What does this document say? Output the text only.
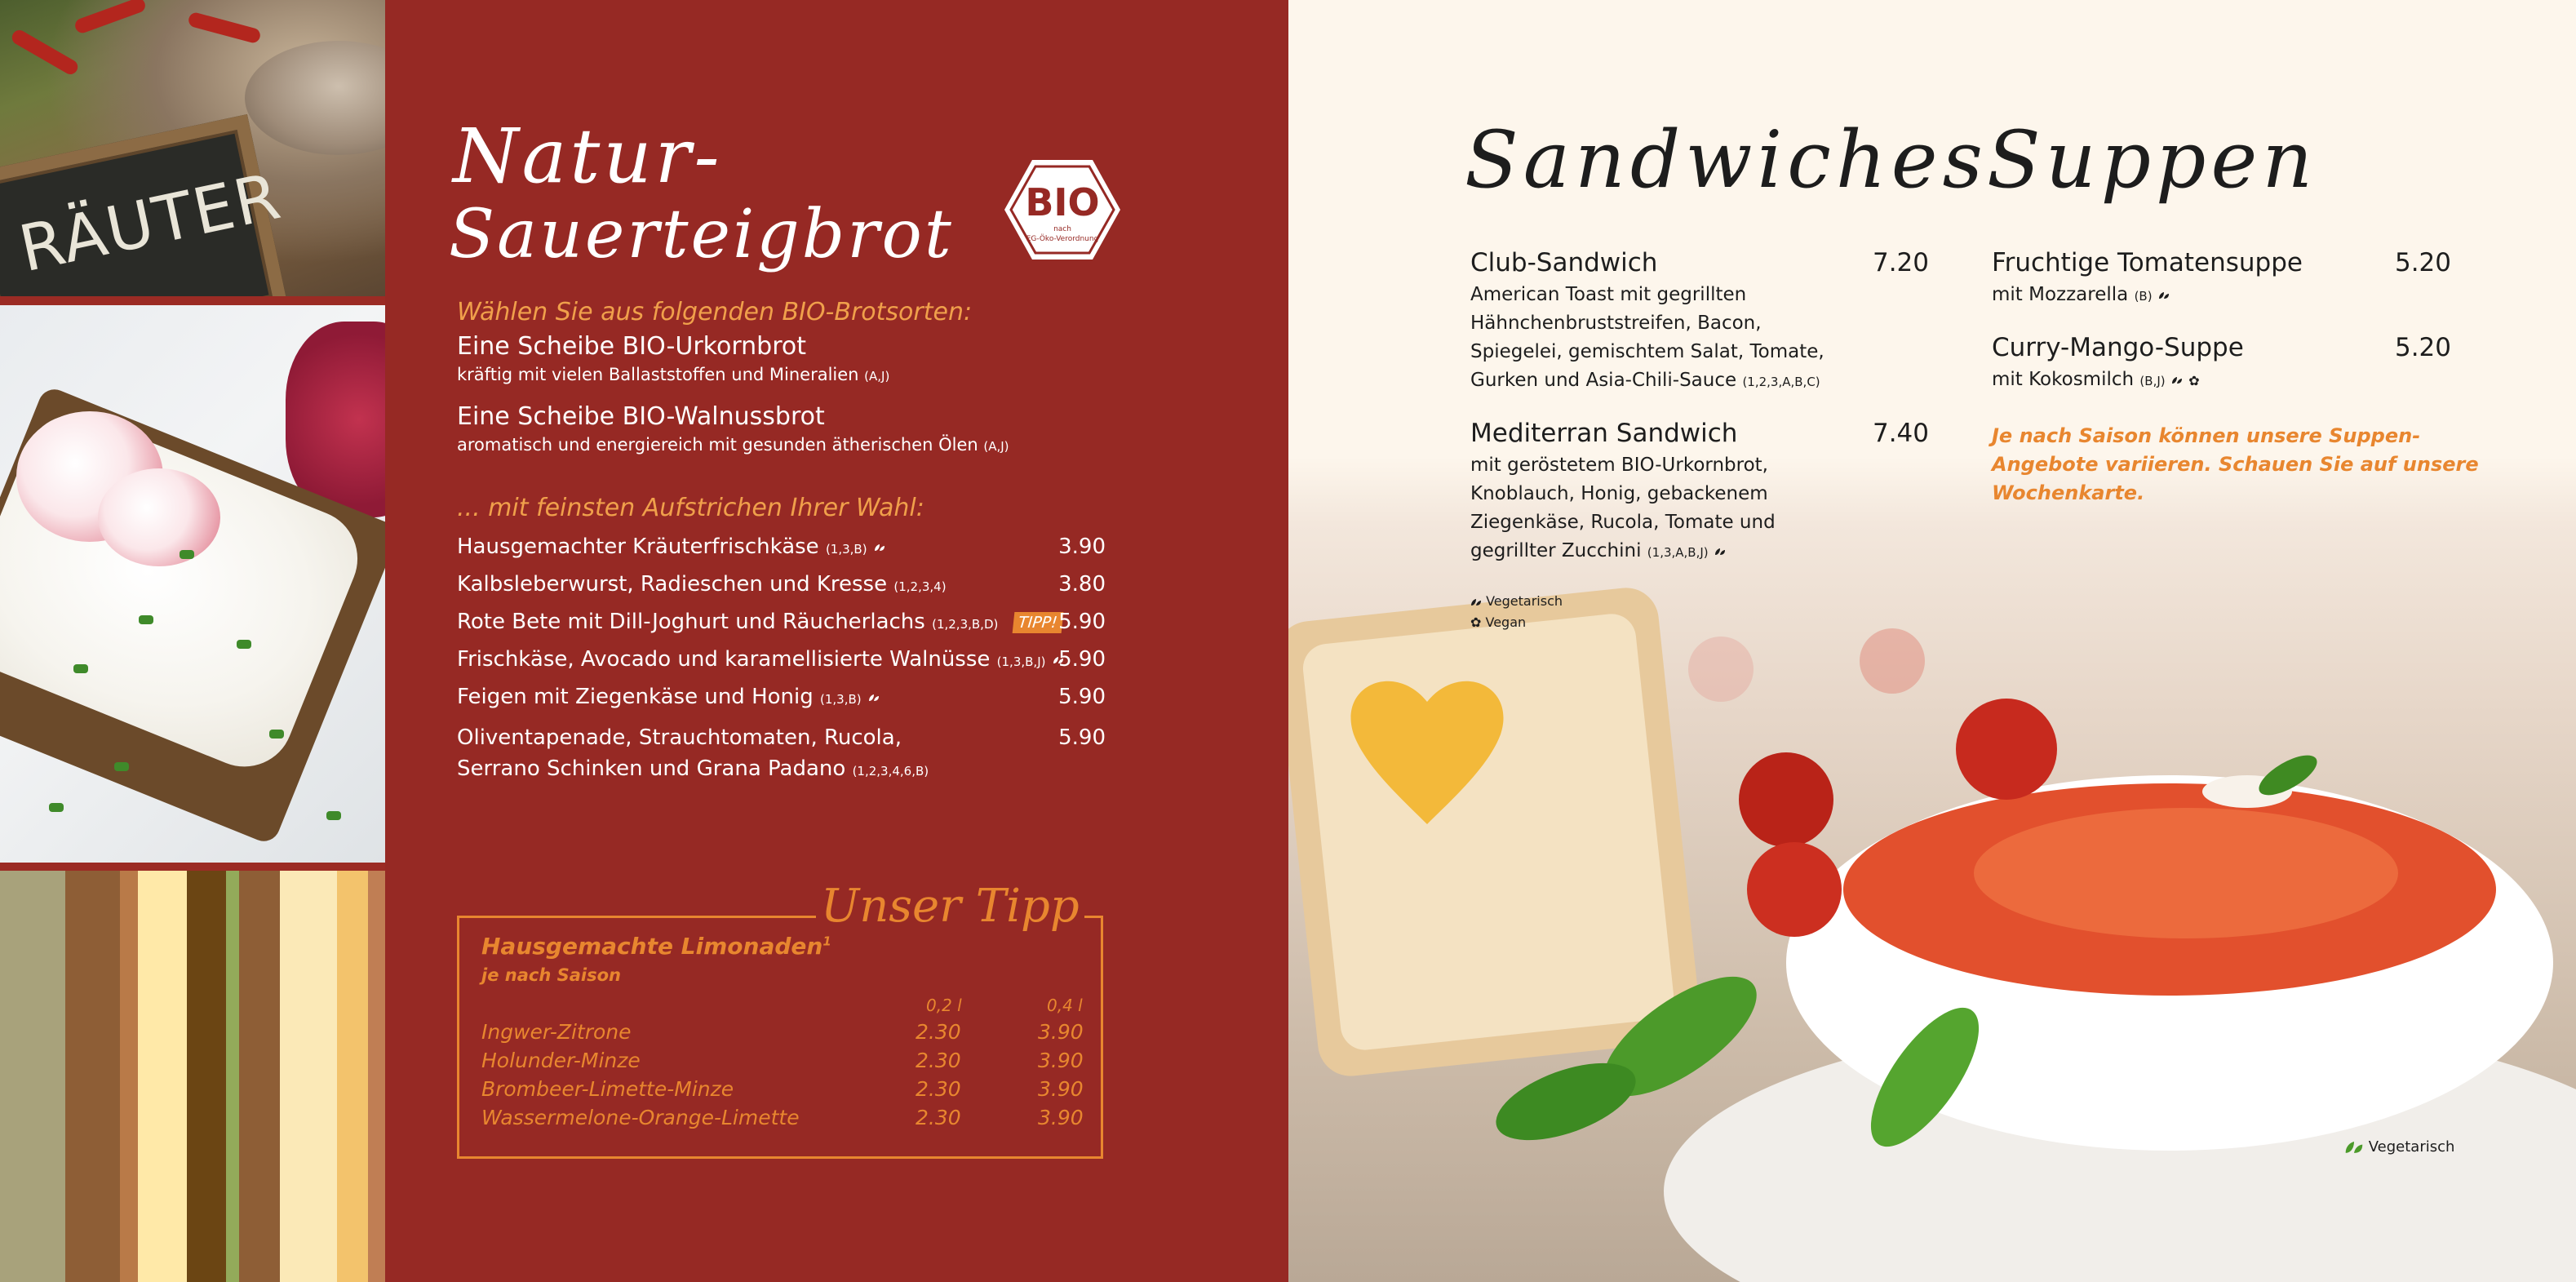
RÄUTER
Natur-
Sauerteigbrot BIO
nach
EG-Öko-Verordnung
Wählen Sie aus folgenden BIO-Brotsorten:
Eine Scheibe BIO-Urkornbrot
kräftig mit vielen Ballaststoffen und Mineralien (A,J)
Eine Scheibe BIO-Walnussbrot
aromatisch und energiereich mit gesunden ätherischen Ölen (A,J)
... mit feinsten Aufstrichen Ihrer Wahl:
Hausgemachter Kräuterfrischkäse (1,3,B)	3.90
Kalbsleberwurst, Radieschen und Kresse (1,2,3,4)	3.80
Rote Bete mit Dill-Joghurt und Räucherlachs (1,2,3,B,D) TIPP! 5.90
Frischkäse, Avocado und karamellisierte Walnüsse (1,3,B,J) 5.90
Feigen mit Ziegenkäse und Honig (1,3,B)	5.90
Oliventapenade, Strauchtomaten, Rucola,
Serrano Schinken und Grana Padano (1,2,3,4,6,B)
5.90
Unser Tipp
Hausgemachte Limonaden$^1$
je nach Saison
0,2 l	0,4 l
Ingwer-Zitrone	2.30	3.90
Holunder-Minze	2.30	3.90
Brombeer-Limette-Minze	2.30	3.90
Wassermelone-Orange-Limette	2.30	3.90
Sandwiches Suppen
Club-Sandwich	7.20
American Toast mit gegrillten
Hähnchenbruststreifen, Bacon,
Spiegelei, gemischtem Salat, Tomate,
Gurken und Asia-Chili-Sauce (1,2,3,A,B,C)
Mediterran Sandwich	7.40
mit geröstetem BIO-Urkornbrot,
Knoblauch, Honig, gebackenem
Ziegenkäse, Rucola, Tomate und
gegrillter Zucchini (1,3,A,B,J)
Vegetarisch
✿ Vegan
Fruchtige Tomatensuppe	5.20
mit Mozzarella (B)
Curry-Mango-Suppe	5.20
mit Kokosmilch (B,J) ✿
Je nach Saison können unsere Suppen-
Angebote variieren. Schauen Sie auf unsere
Wochenkarte.
Vegetarisch
